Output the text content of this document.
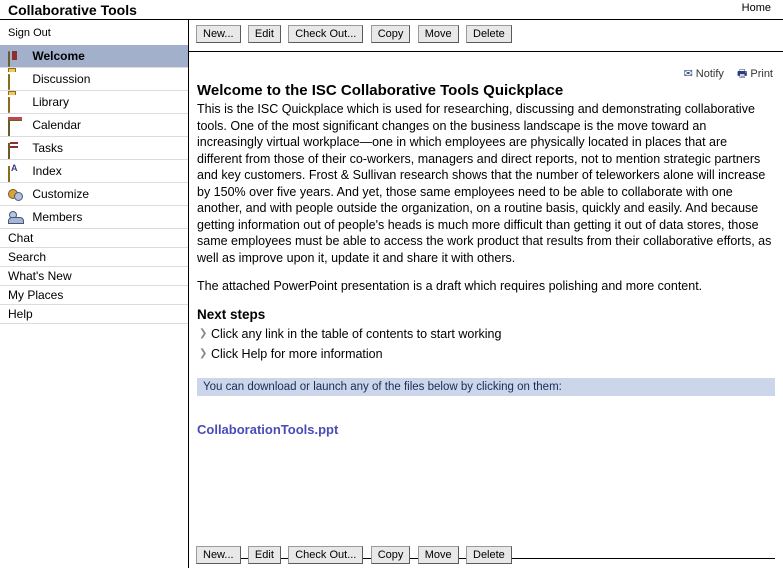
Collaborative Tools	Home
Sign Out
Welcome
Discussion
Library
Calendar
Tasks
A Index
Customize
Members
Chat
Search
What's New
My Places
Help
New... Edit Check Out... Copy Move Delete
✉ Notify 🖶 Print
Welcome to the ISC Collaborative Tools Quickplace

This is the ISC Quickplace which is used for researching, discussing and demonstrating collaborative tools. One of the most significant changes on the business landscape is the move toward an increasingly virtual workplace—one in which employees are physically located in places that are different from those of their co-workers, managers and direct reports, not to mention strategic partners and key customers. Frost & Sullivan research shows that the number of teleworkers alone will increase by 150% over five years. And yet, those same employees need to be able to collaborate with one another, and with people outside the organization, on a routine basis, quickly and easily. And because getting information out of people's heads is much more difficult than getting it out of data stores, those same employees must be able to access the work product that results from their collaborative efforts, as well as improve upon it, update it and share it with others.

The attached PowerPoint presentation is a draft which requires polishing and more content.

Next steps
❯ Click any link in the table of contents to start working
❯ Click Help for more information
You can download or launch any of the files below by clicking on them:
CollaborationTools.ppt
New... Edit Check Out... Copy Move Delete
